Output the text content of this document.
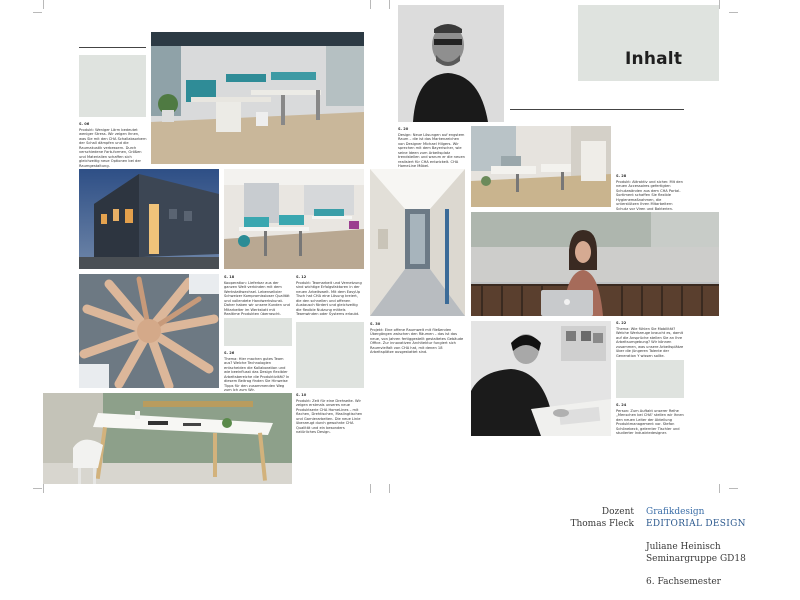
S. 06
Produkt: Weniger Lärm bedeutet weniger Stress. Wir zeigen Ihnen, was Sie mit den CHA Schallabsorbern der Schall dämpfen und die Raumakustik verbessern. Durch verschiedene Farb-formen, Größen und Materialien schaffen sich gleichzeitig neue Optionen bei der Raumgestaltung.
S. 18
Kooperation: Lieferbar aus der ganzen Welt verbinden mit dem Werkstattwechsel. Lebenselixier Schweizer Kompromissloser Qualität und vollendete Handwerkskunst. Daher haben wir unsere Kunden und Mitarbeiter im Werkstatt mit Realtime Produkten überrascht.
S. 26
Thema: Hier machen gutes Team aus? Welche Technologien entscheiden die Kollaboration und wie beeinflusst das Design flexibler Arbeitsbereiche die Produktivität? In diesem Beitrag finden Sie Hinweise Tipps für den zusammenden Weg zum Ich zum Wir.
S. 12
Produkt: Teamarbeit und Vernetzung sind wichtige Erfolgsfaktoren in der neuen Arbeitswelt. Mit dem EasyUp Tisch hat CHA eine Lösung kreiert, die den schnellen und offenen Austausch fördert und gleichzeitig die flexible Nutzung mittels Teamwinden oder Systems erlaubt.
S. 10
Produkt: Zeit für eine Drehseite. Wir zeigen erstmals unseres neue Produktserie CHA HomeLines – mit flachen, Drehtischen, Maslingtischen und Garnierarbeiten. Die neue Linie überzeugt durch gewohnte CHA Qualität und ein besonders natürliches Design.
Inhalt
S. 20
Design: Neue Lösungen auf engstem Raum – die ist das Markenzeichen von Designer Michael Hilgers. Wir sprechen mit dem Bayerischer, wie seine Ideen zum Arbeitsplatz trendstellen und warum er die neuen realisiert für CHA entwickelt. CHA HomeLine Möbel.
S. 28
Produkt: Attraktiv und sicher. Mit den neuen Accessoires gefertigten Schutzwänden aus dem CHA Portal-Sortiment schaffen Sie flexible Hygienemaßnahmen, die unterstützen Ihren Mitarbeitern Schutz vor Viren und Bakterien.
S. 30
Projekt: Eine offene Raumwelt mit fließenden Übergängen zwischen den Räumen – das ist das neue, von Jahren fertiggestellt gestaltetes Gebäude Office. Zur innovativen Architektur fungiert sich Raumvielfalt von CHA hat, mit denen 18 Arbeitsplätze ausgestattet sind.
S. 22
Thema: Wie fühlen Sie Mobilität? Welche Werkzeuge braucht es, damit auf die Ansprüche stellen Sie an Ihre Arbeitsumgebung? Wir können zusammen, was unsere Arbeitsplätze über die jüngeren Talente der Generation Y wissen sollte.
S. 24
Person: Zum Auftakt unserer Reihe „Menschen bei CHA“ stellen wir Ihnen den neuen Leiter der Abteilung Produktmanagement vor. Stefan Schönebeck, gelernter Tischler und studierter Industriedesigner.
Dozent
Thomas Fleck
Grafikdesign
EDITORIAL DESIGN
Juliane Heinisch
Seminargruppe GD18
6. Fachsemester
